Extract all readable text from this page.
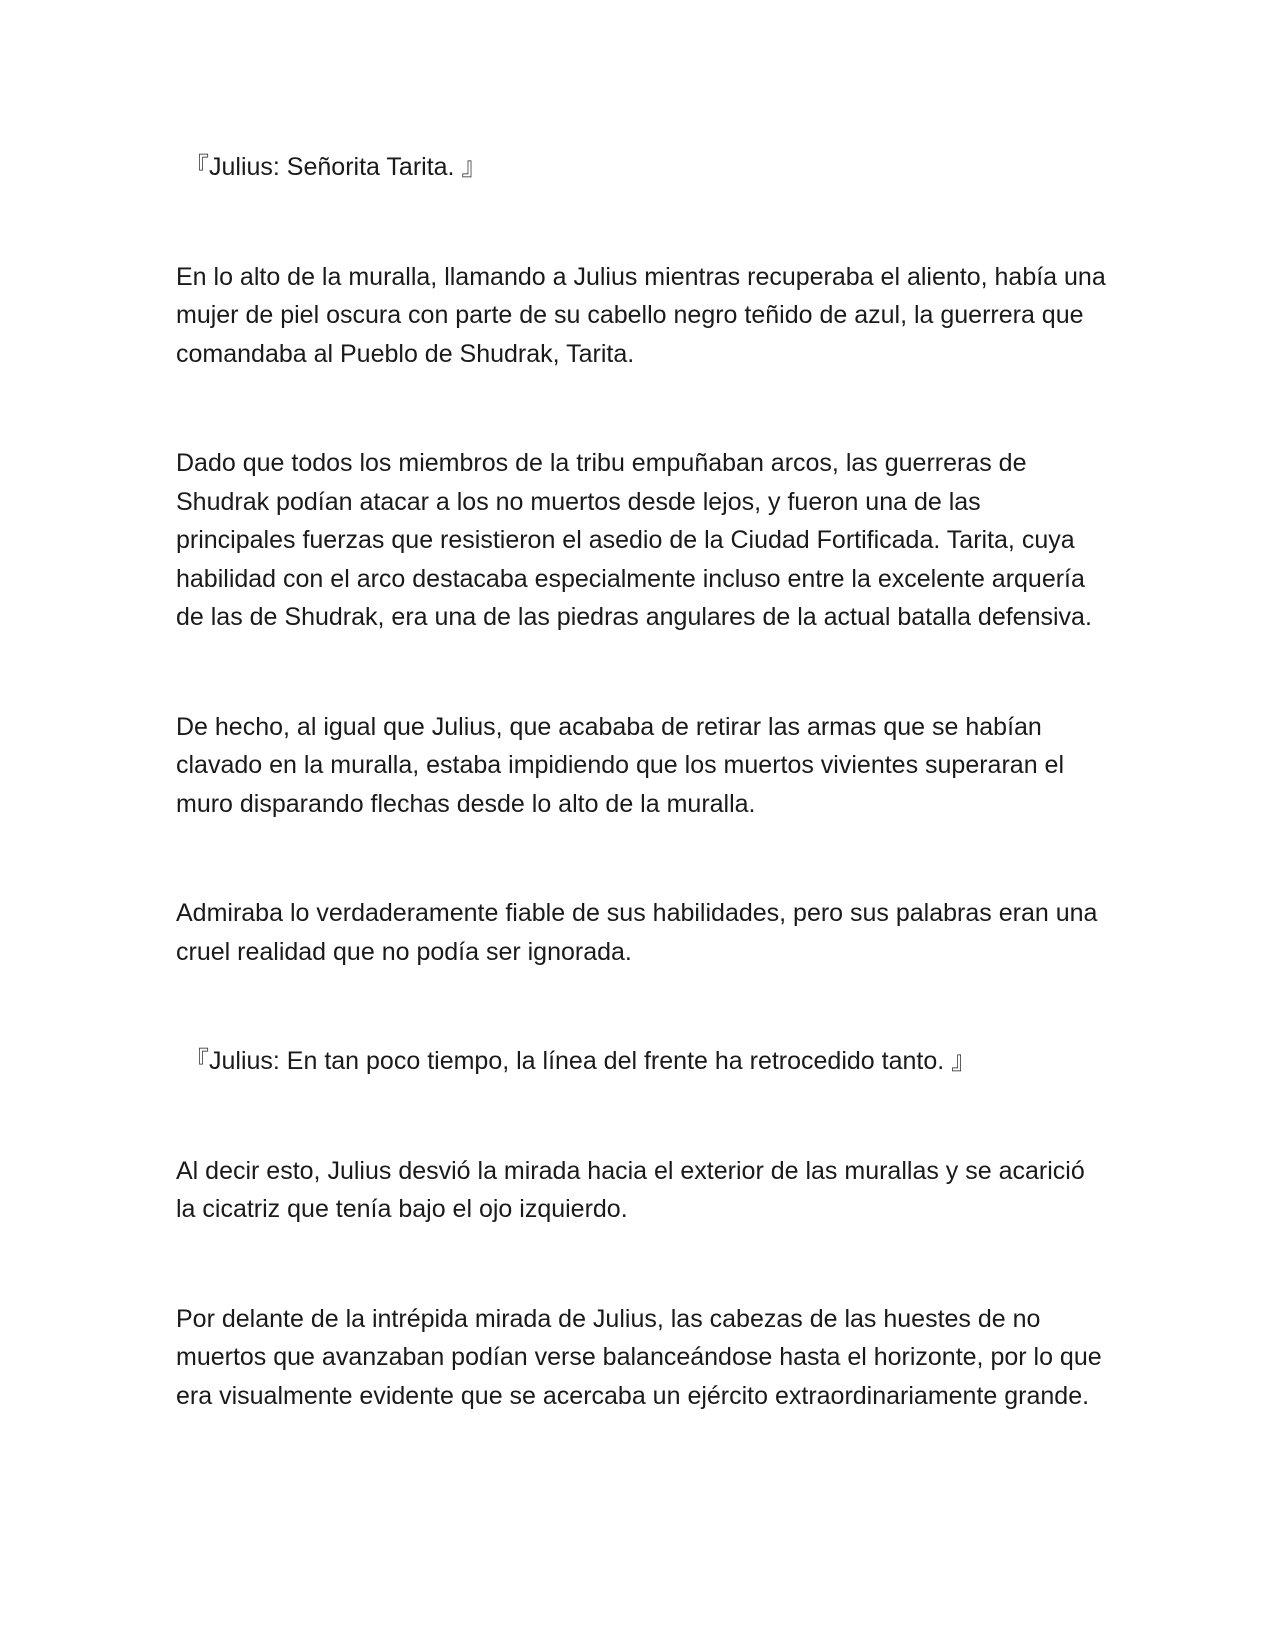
『Julius: Señorita Tarita. 』

En lo alto de la muralla, llamando a Julius mientras recuperaba el aliento, había una mujer de piel oscura con parte de su cabello negro teñido de azul, la guerrera que comandaba al Pueblo de Shudrak, Tarita.

Dado que todos los miembros de la tribu empuñaban arcos, las guerreras de Shudrak podían atacar a los no muertos desde lejos, y fueron una de las principales fuerzas que resistieron el asedio de la Ciudad Fortificada. Tarita, cuya habilidad con el arco destacaba especialmente incluso entre la excelente arquería de las de Shudrak, era una de las piedras angulares de la actual batalla defensiva.

De hecho, al igual que Julius, que acababa de retirar las armas que se habían clavado en la muralla, estaba impidiendo que los muertos vivientes superaran el muro disparando flechas desde lo alto de la muralla.

Admiraba lo verdaderamente fiable de sus habilidades, pero sus palabras eran una cruel realidad que no podía ser ignorada.

『Julius: En tan poco tiempo, la línea del frente ha retrocedido tanto. 』

Al decir esto, Julius desvió la mirada hacia el exterior de las murallas y se acarició la cicatriz que tenía bajo el ojo izquierdo.

Por delante de la intrépida mirada de Julius, las cabezas de las huestes de no muertos que avanzaban podían verse balanceándose hasta el horizonte, por lo que era visualmente evidente que se acercaba un ejército extraordinariamente grande.
